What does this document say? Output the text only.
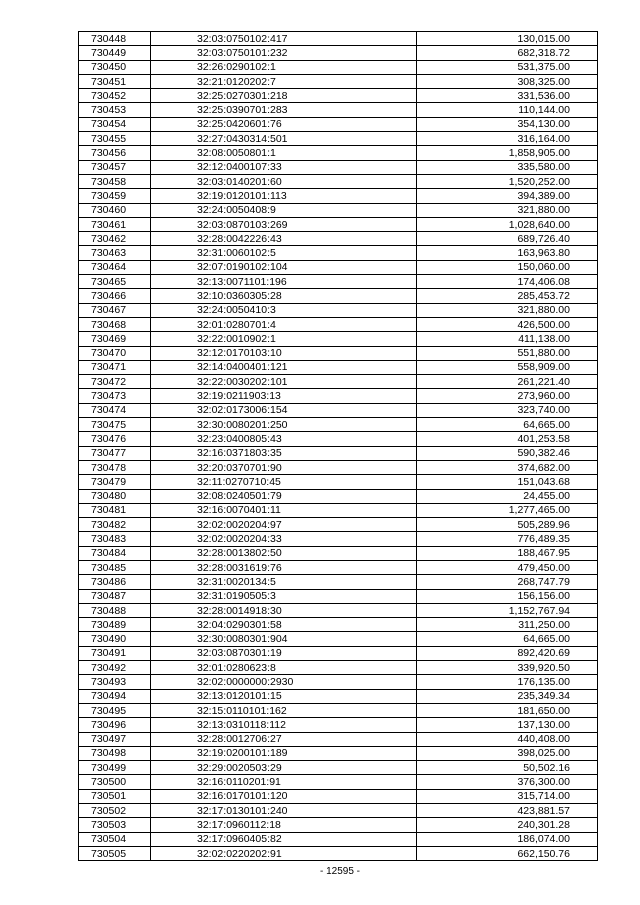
730448	32:03:0750102:417	130,015.00
730449	32:03:0750101:232	682,318.72
730450	32:26:0290102:1	531,375.00
730451	32:21:0120202:7	308,325.00
730452	32:25:0270301:218	331,536.00
730453	32:25:0390701:283	110,144.00
730454	32:25:0420601:76	354,130.00
730455	32:27:0430314:501	316,164.00
730456	32:08:0050801:1	1,858,905.00
730457	32:12:0400107:33	335,580.00
730458	32:03:0140201:60	1,520,252.00
730459	32:19:0120101:113	394,389.00
730460	32:24:0050408:9	321,880.00
730461	32:03:0870103:269	1,028,640.00
730462	32:28:0042226:43	689,726.40
730463	32:31:0060102:5	163,963.80
730464	32:07:0190102:104	150,060.00
730465	32:13:0071101:196	174,406.08
730466	32:10:0360305:28	285,453.72
730467	32:24:0050410:3	321,880.00
730468	32:01:0280701:4	426,500.00
730469	32:22:0010902:1	411,138.00
730470	32:12:0170103:10	551,880.00
730471	32:14:0400401:121	558,909.00
730472	32:22:0030202:101	261,221.40
730473	32:19:0211903:13	273,960.00
730474	32:02:0173006:154	323,740.00
730475	32:30:0080201:250	64,665.00
730476	32:23:0400805:43	401,253.58
730477	32:16:0371803:35	590,382.46
730478	32:20:0370701:90	374,682.00
730479	32:11:0270710:45	151,043.68
730480	32:08:0240501:79	24,455.00
730481	32:16:0070401:11	1,277,465.00
730482	32:02:0020204:97	505,289.96
730483	32:02:0020204:33	776,489.35
730484	32:28:0013802:50	188,467.95
730485	32:28:0031619:76	479,450.00
730486	32:31:0020134:5	268,747.79
730487	32:31:0190505:3	156,156.00
730488	32:28:0014918:30	1,152,767.94
730489	32:04:0290301:58	311,250.00
730490	32:30:0080301:904	64,665.00
730491	32:03:0870301:19	892,420.69
730492	32:01:0280623:8	339,920.50
730493	32:02:0000000:2930	176,135.00
730494	32:13:0120101:15	235,349.34
730495	32:15:0110101:162	181,650.00
730496	32:13:0310118:112	137,130.00
730497	32:28:0012706:27	440,408.00
730498	32:19:0200101:189	398,025.00
730499	32:29:0020503:29	50,502.16
730500	32:16:0110201:91	376,300.00
730501	32:16:0170101:120	315,714.00
730502	32:17:0130101:240	423,881.57
730503	32:17:0960112:18	240,301.28
730504	32:17:0960405:82	186,074.00
730505	32:02:0220202:91	662,150.76
- 12595 -
